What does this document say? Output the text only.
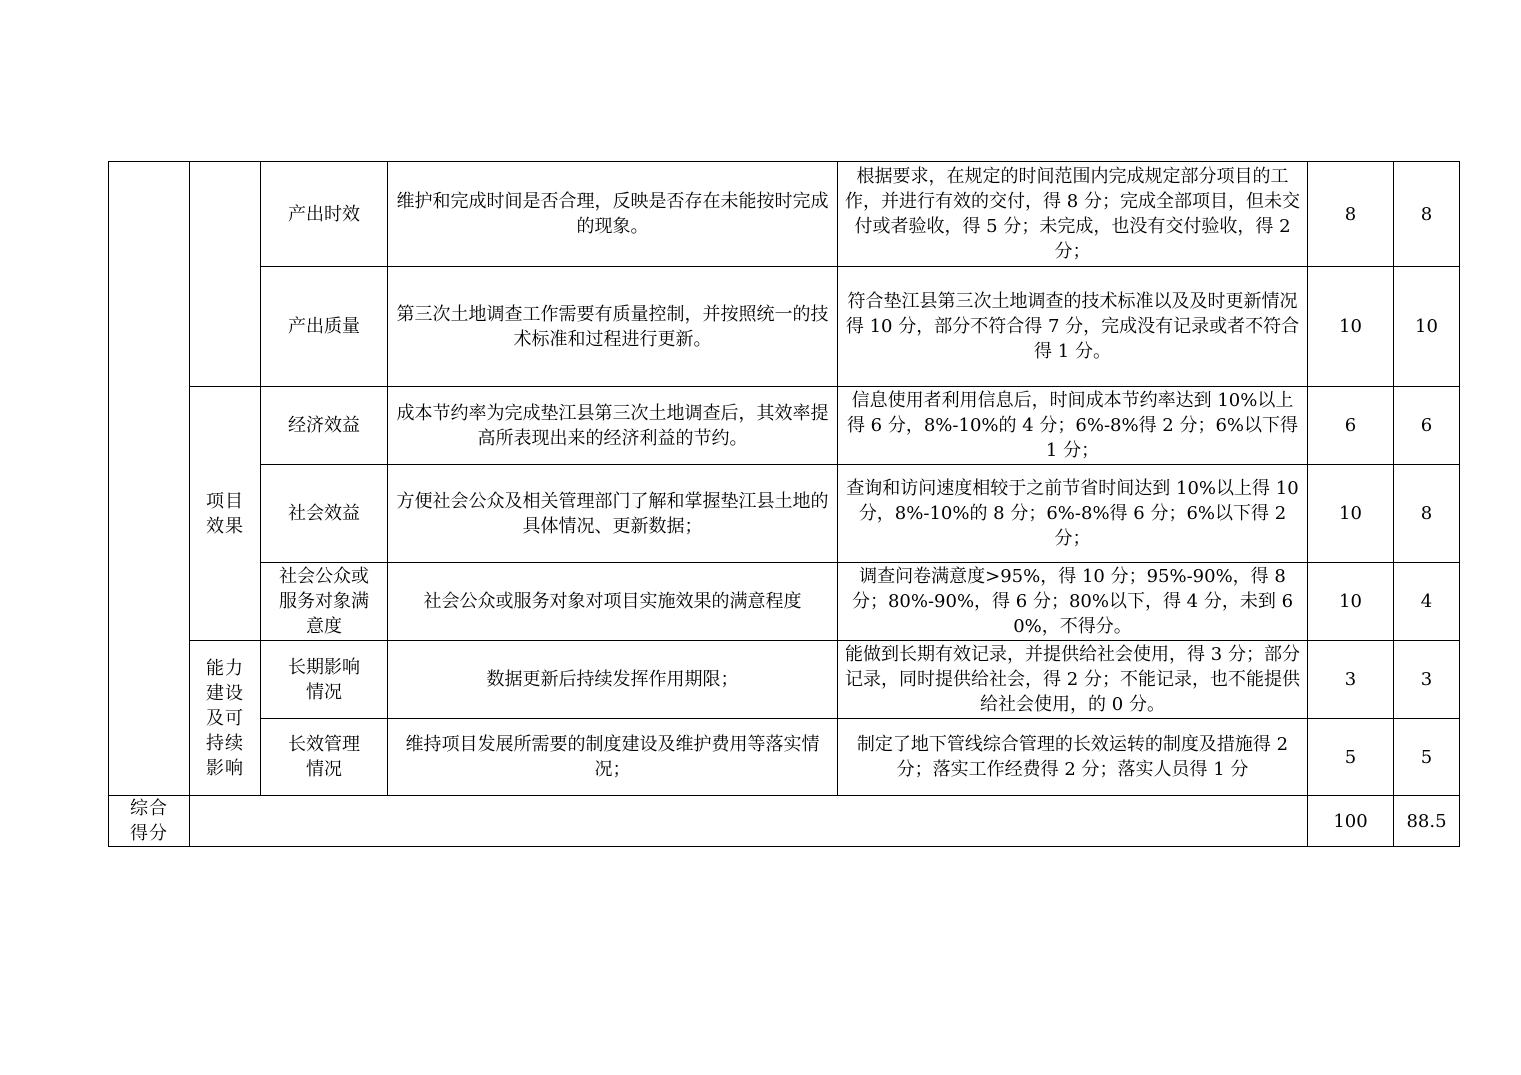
		产出时效	维护和完成时间是否合理，反映是否存在未能按时完成的现象。	根据要求，在规定的时间范围内完成规定部分项目的工作，并进行有效的交付，得 8 分；完成全部项目，但未交付或者验收，得 5 分；未完成，也没有交付验收，得 2 分；	8	8
		产出质量	第三次土地调查工作需要有质量控制，并按照统一的技术标准和过程进行更新。	符合垫江县第三次土地调查的技术标准以及及时更新情况得 10 分，部分不符合得 7 分，完成没有记录或者不符合得 1 分。	10	10
	项目效果	经济效益	成本节约率为完成垫江县第三次土地调查后，其效率提高所表现出来的经济利益的节约。	信息使用者利用信息后，时间成本节约率达到 10%以上得 6 分，8%-10%的 4 分；6%-8%得 2 分；6%以下得 1 分；	6	6
		社会效益	方便社会公众及相关管理部门了解和掌握垫江县土地的具体情况、更新数据；	查询和访问速度相较于之前节省时间达到 10%以上得 10 分，8%-10%的 8 分；6%-8%得 6 分；6%以下得 2 分；	10	8
		社会公众或服务对象满意度	社会公众或服务对象对项目实施效果的满意程度	调查问卷满意度>95%，得 10 分；95%-90%，得 8 分；80%-90%，得 6 分；80%以下，得 4 分，未到 60%，不得分。	10	4
	能力建设及可持续影响	长期影响情况	数据更新后持续发挥作用期限；	能做到长期有效记录，并提供给社会使用，得 3 分；部分记录，同时提供给社会，得 2 分；不能记录，也不能提供给社会使用，的 0 分。	3	3
		长效管理情况	维持项目发展所需要的制度建设及维护费用等落实情况；	制定了地下管线综合管理的长效运转的制度及措施得 2 分；落实工作经费得 2 分；落实人员得 1 分	5	5
综合得分					100	88.5
